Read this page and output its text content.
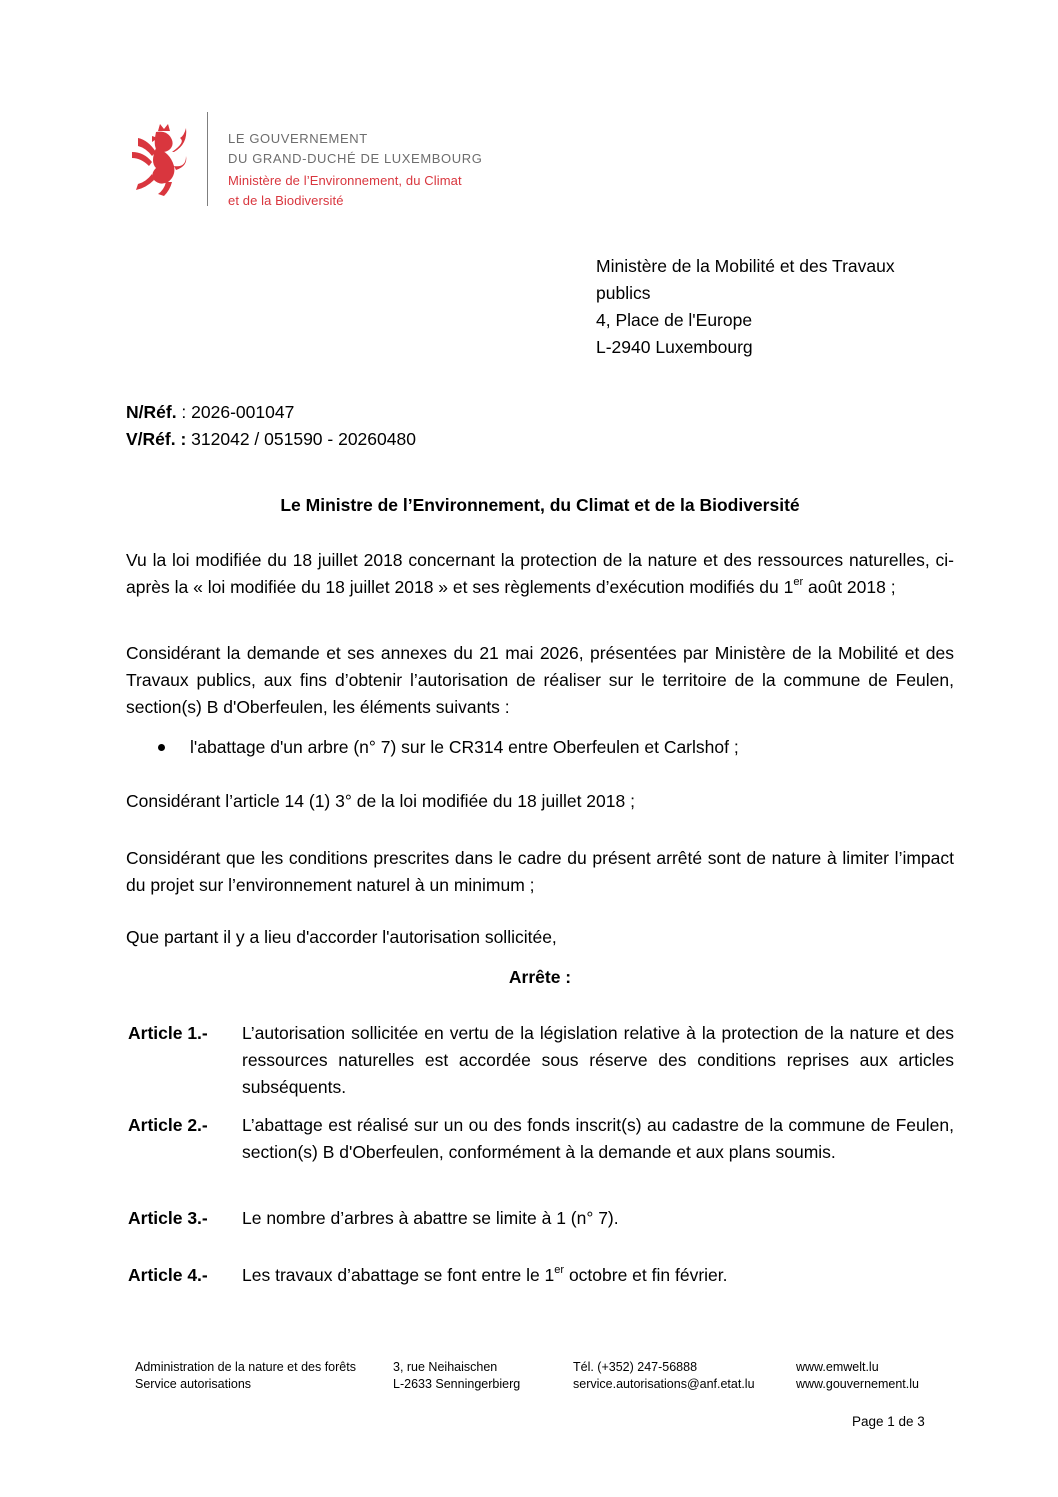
LE GOUVERNEMENT
DU GRAND-DUCHÉ DE LUXEMBOURG
Ministère de l’Environnement, du Climat
et de la Biodiversité
Ministère de la Mobilité et des Travaux
publics
4, Place de l'Europe
L-2940 Luxembourg
N/Réf. : 2026-001047
V/Réf. : 312042 / 051590 - 20260480
Le Ministre de l’Environnement, du Climat et de la Biodiversité
Vu la loi modifiée du 18 juillet 2018 concernant la protection de la nature et des ressources naturelles, ci-après la « loi modifiée du 18 juillet 2018 » et ses règlements d’exécution modifiés du 1er août 2018 ;
Considérant la demande et ses annexes du 21 mai 2026, présentées par Ministère de la Mobilité et des Travaux publics, aux fins d’obtenir l’autorisation de réaliser sur le territoire de la commune de Feulen, section(s) B d'Oberfeulen, les éléments suivants :
l'abattage d'un arbre (n° 7) sur le CR314 entre Oberfeulen et Carlshof ;
Considérant l’article 14 (1) 3° de la loi modifiée du 18 juillet 2018 ;
Considérant que les conditions prescrites dans le cadre du présent arrêté sont de nature à limiter l’impact du projet sur l’environnement naturel à un minimum ;
Que partant il y a lieu d'accorder l'autorisation sollicitée,
Arrête :
Article 1.- L’autorisation sollicitée en vertu de la législation relative à la protection de la nature et des ressources naturelles est accordée sous réserve des conditions reprises aux articles subséquents.
Article 2.- L’abattage est réalisé sur un ou des fonds inscrit(s) au cadastre de la commune de Feulen, section(s) B d'Oberfeulen, conformément à la demande et aux plans soumis.
Article 3.- Le nombre d’arbres à abattre se limite à 1 (n° 7).
Article 4.- Les travaux d’abattage se font entre le 1er octobre et fin février.
Administration de la nature et des forêts
Service autorisations
3, rue Neihaischen
L-2633 Senningerbierg
Tél. (+352) 247-56888
service.autorisations@anf.etat.lu
www.emwelt.lu
www.gouvernement.lu
Page 1 de 3
